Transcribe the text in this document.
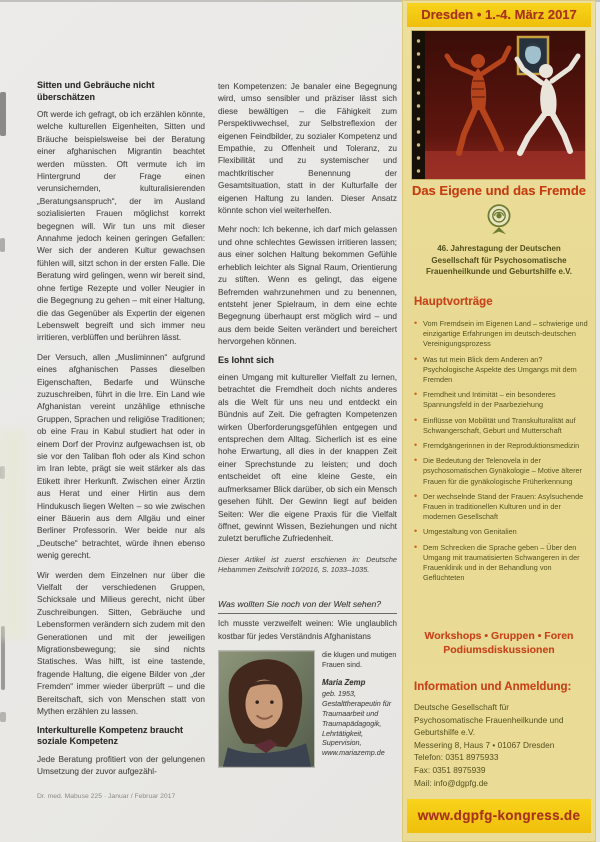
Sitten und Gebräuche nicht überschätzen

Oft werde ich gefragt, ob ich erzählen könnte, welche kulturellen Eigenheiten, Sitten und Bräuche beispielsweise bei der Beratung einer afghanischen Migrantin beachtet werden müssten. Oft vermute ich im Hintergrund der Frage einen verunsichernden, kulturalisierenden „Beratungsanspruch“, der im Ausland sozialisierten Frauen möglichst korrekt begegnen will. Wir tun uns mit dieser Annahme jedoch keinen geringen Gefallen: Wer sich der anderen Kultur gewachsen fühlen will, sitzt schon in der ersten Falle. Die Beratung wird gelingen, wenn wir bereit sind, ohne fertige Rezepte und voller Neugier in die Begegnung zu gehen – mit einer Haltung, die das Gegenüber als Expertin der eigenen Lebenswelt begreift und sich immer neu irritieren, verblüffen und berühren lässt.

Der Versuch, allen „Musliminnen“ aufgrund eines afghanischen Passes dieselben Eigenschaften, Bedarfe und Wünsche zuzuschreiben, führt in die Irre. Ein Land wie Afghanistan vereint unzählige ethnische Gruppen, Sprachen und religiöse Traditionen; ob eine Frau in Kabul studiert hat oder in einem Dorf der Provinz aufgewachsen ist, ob sie vor den Taliban floh oder als Kind schon im Iran lebte, prägt sie weit stärker als das Etikett ihrer Herkunft. Zwischen einer Ärztin aus Herat und einer Hirtin aus dem Hindukusch liegen Welten – so wie zwischen einer Bäuerin aus dem Allgäu und einer Berliner Professorin. Wer beide nur als „Deutsche“ betrachtet, würde ihnen ebenso wenig gerecht.

Wir werden dem Einzelnen nur über die Vielfalt der verschiedenen Gruppen, Schicksale und Milieus gerecht, nicht über Zuschreibungen. Sitten, Gebräuche und Lebensformen verändern sich zudem mit den Generationen und mit der jeweiligen Migrationsbewegung; sie sind nichts Statisches. Was hilft, ist eine tastende, fragende Haltung, die eigene Bilder von „der Fremden“ immer wieder überprüft – und die Bereitschaft, sich von Menschen statt von Mythen erzählen zu lassen.

Interkulturelle Kompetenz braucht soziale Kompetenz

Jede Beratung profitiert von der gelungenen Umsetzung der zuvor aufgezähl-

Dr. med. Mabuse 225 · Januar / Februar 2017

ten Kompetenzen: Je banaler eine Begegnung wird, umso sensibler und präziser lässt sich diese bewältigen – die Fähigkeit zum Perspektivwechsel, zur Selbstreflexion der eigenen Feindbilder, zu sozialer Kompetenz und Empathie, zu Offenheit und Toleranz, zu Flexibilität und zu systemischer und machtkritischer Benennung der Gesamtsituation, statt in der Kulturfalle der eigenen Haltung zu landen. Dieser Ansatz könnte schon viel weiterhelfen.

Mehr noch: Ich bekenne, ich darf mich gelassen und ohne schlechtes Gewissen irritieren lassen; aus einer solchen Haltung bekommen Gefühle erheblich leichter als Signal Raum, Orientierung zu stiften. Wenn es gelingt, das eigene Befremden wahrzunehmen und zu benennen, entsteht jener Spielraum, in dem eine echte Begegnung überhaupt erst möglich wird – und aus dem beide Seiten verändert und bereichert hervorgehen können.

Es lohnt sich

einen Umgang mit kultureller Vielfalt zu lernen, betrachtet die Fremdheit doch nichts anderes als die Welt für uns neu und entdeckt ein Bündnis auf Zeit. Die gefragten Kompetenzen wirken Überforderungsgefühlen entgegen und entsprechen dem Alltag. Sicherlich ist es eine hohe Erwartung, all dies in der knappen Zeit einer Sprechstunde zu leisten; und doch entscheidet oft eine kleine Geste, ein aufmerksamer Blick darüber, ob sich ein Mensch gesehen fühlt. Der Gewinn liegt auf beiden Seiten: Wer die eigene Praxis für die Vielfalt öffnet, gewinnt Wissen, Beziehungen und nicht zuletzt berufliche Zufriedenheit.

Dieser Artikel ist zuerst erschienen in: Deutsche Hebammen Zeitschrift 10/2016, S. 1033–1035.

Was wollten Sie noch von der Welt sehen?

Ich musste verzweifelt weinen: Wie unglaublich kostbar für jedes Verständnis Afghanistans

die klugen und mutigen Frauen sind.

Maria Zemp

geb. 1953, Gestalttherapeutin für Traumaarbeit und Traumapädagogik, Lehrtätigkeit, Supervision, www.mariazemp.de

Dresden • 1.-4. März 2017
Das Eigene und das Fremde
46. Jahrestagung der Deutschen Gesellschaft für Psychosomatische Frauenheilkunde und Geburtshilfe e.V.
Hauptvorträge
• Vom Fremdsein im Eigenen Land – schwierige und einzigartige Erfahrungen im deutsch-deutschen Vereinigungsprozess
• Was tut mein Blick dem Anderen an? Psychologische Aspekte des Umgangs mit dem Fremden
• Fremdheit und Intimität – ein besonderes Spannungsfeld in der Paarbeziehung
• Einflüsse von Mobilität und Transkulturalität auf Schwangerschaft, Geburt und Mutterschaft
• Fremdgängerinnen in der Reproduktionsmedizin
• Die Bedeutung der Telenovela in der psychosomatischen Gynäkologie – Motive älterer Frauen für die gynäkologische Früherkennung
• Der wechselnde Stand der Frauen: Asylsuchende Frauen in traditionellen Kulturen und in der modernen Gesellschaft
• Umgestaltung von Genitalien
• Dem Schrecken die Sprache geben – Über den Umgang mit traumatisierten Schwangeren in der Frauenklinik und in der Behandlung von Geflüchteten
Workshops • Gruppen • Foren
Podiumsdiskussionen
Information und Anmeldung:
Deutsche Gesellschaft für
Psychosomatische Frauenheilkunde und
Geburtshilfe e.V.
Messering 8, Haus 7 • 01067 Dresden
Telefon: 0351 8975933
Fax: 0351 8975939
Mail: info@dgpfg.de
www.dgpfg-kongress.de
